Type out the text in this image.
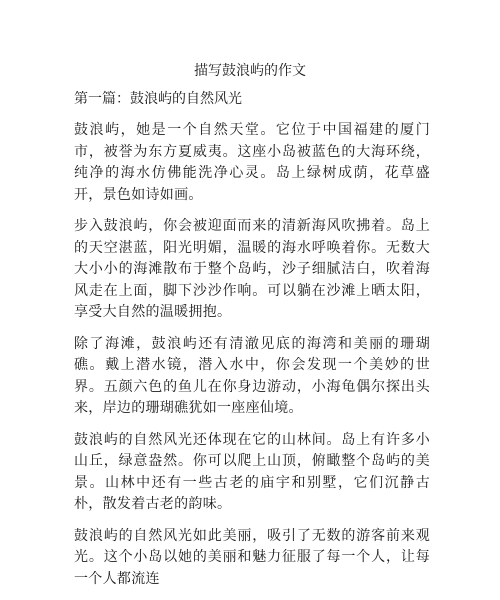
描写鼓浪屿的作文
第一篇：鼓浪屿的自然风光

鼓浪屿，她是一个自然天堂。它位于中国福建的厦门市，被誉为东方夏威夷。这座小岛被蓝色的大海环绕，纯净的海水仿佛能洗净心灵。岛上绿树成荫，花草盛开，景色如诗如画。

步入鼓浪屿，你会被迎面而来的清新海风吹拂着。岛上的天空湛蓝，阳光明媚，温暖的海水呼唤着你。无数大大小小的海滩散布于整个岛屿，沙子细腻洁白，吹着海风走在上面，脚下沙沙作响。可以躺在沙滩上晒太阳，享受大自然的温暖拥抱。

除了海滩，鼓浪屿还有清澈见底的海湾和美丽的珊瑚礁。戴上潜水镜，潜入水中，你会发现一个美妙的世界。五颜六色的鱼儿在你身边游动，小海龟偶尔探出头来，岸边的珊瑚礁犹如一座座仙境。

鼓浪屿的自然风光还体现在它的山林间。岛上有许多小山丘，绿意盎然。你可以爬上山顶，俯瞰整个岛屿的美景。山林中还有一些古老的庙宇和别墅，它们沉静古朴，散发着古老的韵味。

鼓浪屿的自然风光如此美丽，吸引了无数的游客前来观光。这个小岛以她的美丽和魅力征服了每一个人，让每一个人都流连
